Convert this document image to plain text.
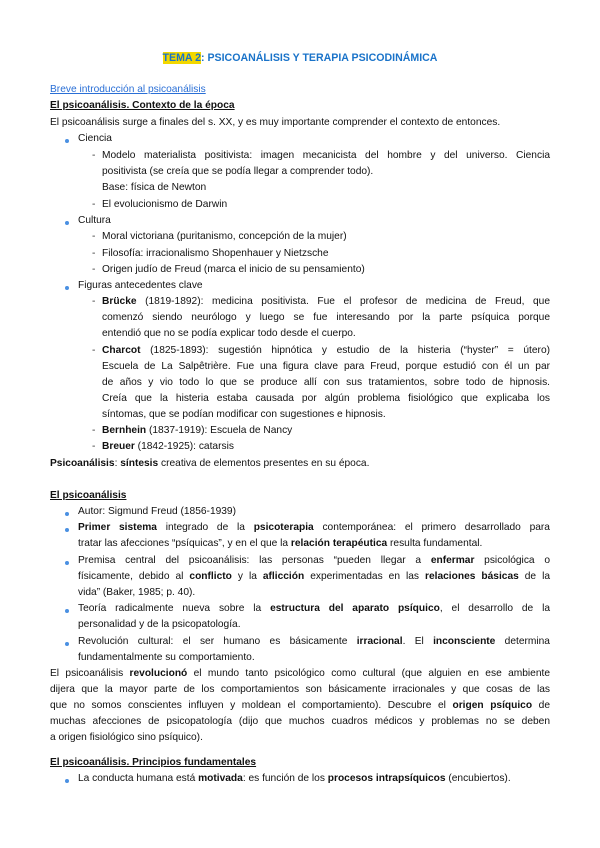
TEMA 2: PSICOANÁLISIS Y TERAPIA PSICODINÁMICA
Breve introducción al psicoanálisis
El psicoanálisis. Contexto de la época
El psicoanálisis surge a finales del s. XX, y es muy importante comprender el contexto de entonces.
Ciencia
- Modelo materialista positivista: imagen mecanicista del hombre y del universo. Ciencia
positivista (se creía que se podía llegar a comprender todo).
Base: física de Newton
- El evolucionismo de Darwin
Cultura
- Moral victoriana (puritanismo, concepción de la mujer)
- Filosofía: irracionalismo Shopenhauer y Nietzsche
- Origen judío de Freud (marca el inicio de su pensamiento)
Figuras antecedentes clave
- Brücke (1819-1892): medicina positivista. Fue el profesor de medicina de Freud, que
comenzó siendo neurólogo y luego se fue interesando por la parte psíquica porque
entendió que no se podía explicar todo desde el cuerpo.
- Charcot (1825-1893): sugestión hipnótica y estudio de la histeria (“hyster” = útero)
Escuela de La Salpêtrière. Fue una figura clave para Freud, porque estudió con él un par
de años y vio todo lo que se produce allí con sus tratamientos, sobre todo de hipnosis.
Creía que la histeria estaba causada por algún problema fisiológico que explicaba los
síntomas, que se podían modificar con sugestiones e hipnosis.
- Bernhein (1837-1919): Escuela de Nancy
- Breuer (1842-1925): catarsis
Psicoanálisis: síntesis creativa de elementos presentes en su época.
El psicoanálisis
Autor: Sigmund Freud (1856-1939)
Primer sistema integrado de la psicoterapia contemporánea: el primero desarrollado para
tratar las afecciones “psíquicas”, y en el que la relación terapéutica resulta fundamental.
Premisa central del psicoanálisis: las personas “pueden llegar a enfermar psicológica o
físicamente, debido al conflicto y la aflicción experimentadas en las relaciones básicas de la
vida” (Baker, 1985; p. 40).
Teoría radicalmente nueva sobre la estructura del aparato psíquico, el desarrollo de la
personalidad y de la psicopatología.
Revolución cultural: el ser humano es básicamente irracional. El inconsciente determina
fundamentalmente su comportamiento.
El psicoanálisis revolucionó el mundo tanto psicológico como cultural (que alguien en ese ambiente
dijera que la mayor parte de los comportamientos son básicamente irracionales y que cosas de las
que no somos conscientes influyen y moldean el comportamiento). Descubre el origen psíquico de
muchas afecciones de psicopatología (dijo que muchos cuadros médicos y problemas no se deben
a origen fisiológico sino psíquico).
El psicoanálisis. Principios fundamentales
La conducta humana está motivada: es función de los procesos intrapsíquicos (encubiertos).
